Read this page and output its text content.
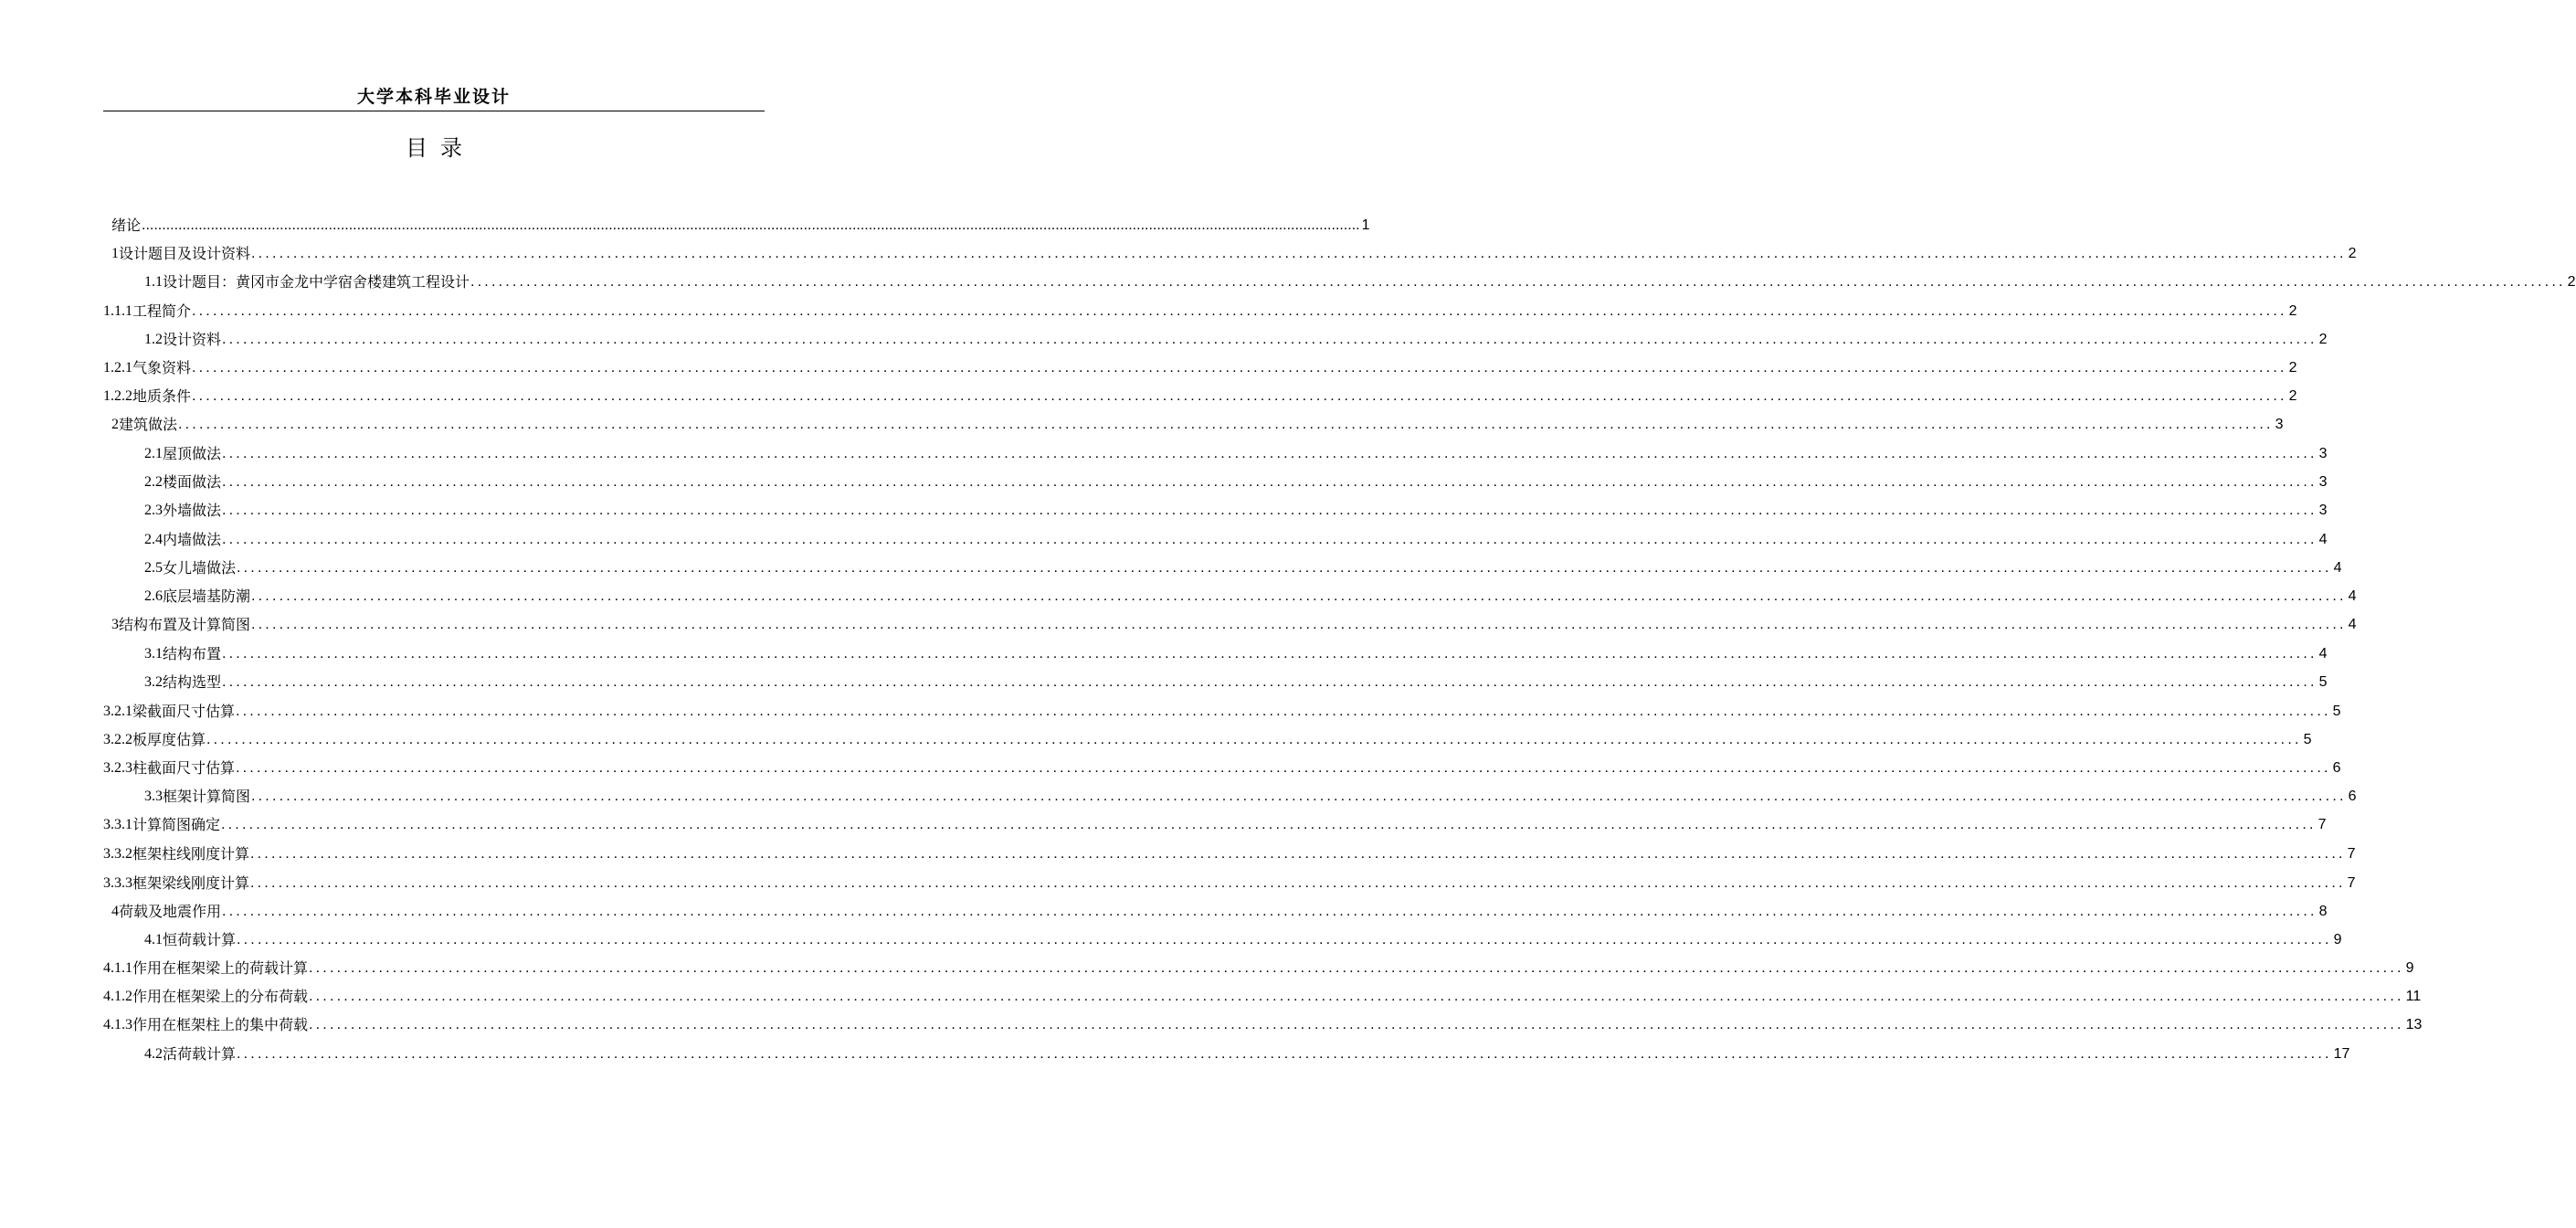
大学本科毕业设计
目 录
绪论 ............................................................................................................................................................................................................................................................................................................ 1
1 设计题目及设计资料 ............................................................................................................................................................................................................................................................................................................ 2
1.1 设计题目：黄冈市金龙中学宿舍楼建筑工程设计 ............................................................................................................................................................................................................................................................................................................ 2
1.1.1 工程简介 ............................................................................................................................................................................................................................................................................................................ 2
1.2 设计资料 ............................................................................................................................................................................................................................................................................................................ 2
1.2.1 气象资料 ............................................................................................................................................................................................................................................................................................................ 2
1.2.2 地质条件 ............................................................................................................................................................................................................................................................................................................ 2
2 建筑做法 ............................................................................................................................................................................................................................................................................................................ 3
2.1 屋顶做法 ............................................................................................................................................................................................................................................................................................................ 3
2.2 楼面做法 ............................................................................................................................................................................................................................................................................................................ 3
2.3 外墙做法 ............................................................................................................................................................................................................................................................................................................ 3
2.4 内墙做法 ............................................................................................................................................................................................................................................................................................................ 4
2.5 女儿墙做法 ............................................................................................................................................................................................................................................................................................................ 4
2.6 底层墙基防潮 ............................................................................................................................................................................................................................................................................................................ 4
3 结构布置及计算简图 ............................................................................................................................................................................................................................................................................................................ 4
3.1 结构布置 ............................................................................................................................................................................................................................................................................................................ 4
3.2 结构选型 ............................................................................................................................................................................................................................................................................................................ 5
3.2.1 梁截面尺寸估算 ............................................................................................................................................................................................................................................................................................................ 5
3.2.2 板厚度估算 ............................................................................................................................................................................................................................................................................................................ 5
3.2.3 柱截面尺寸估算 ............................................................................................................................................................................................................................................................................................................ 6
3.3 框架计算简图 ............................................................................................................................................................................................................................................................................................................ 6
3.3.1 计算简图确定 ............................................................................................................................................................................................................................................................................................................ 7
3.3.2 框架柱线刚度计算 ............................................................................................................................................................................................................................................................................................................ 7
3.3.3 框架梁线刚度计算 ............................................................................................................................................................................................................................................................................................................ 7
4 荷载及地震作用 ............................................................................................................................................................................................................................................................................................................ 8
4.1 恒荷载计算 ............................................................................................................................................................................................................................................................................................................ 9
4.1.1 作用在框架梁上的荷载计算 ............................................................................................................................................................................................................................................................................................................ 9
4.1.2 作用在框架梁上的分布荷载 ............................................................................................................................................................................................................................................................................................................ 11
4.1.3 作用在框架柱上的集中荷载 ............................................................................................................................................................................................................................................................................................................ 13
4.2 活荷载计算 ............................................................................................................................................................................................................................................................................................................ 17
